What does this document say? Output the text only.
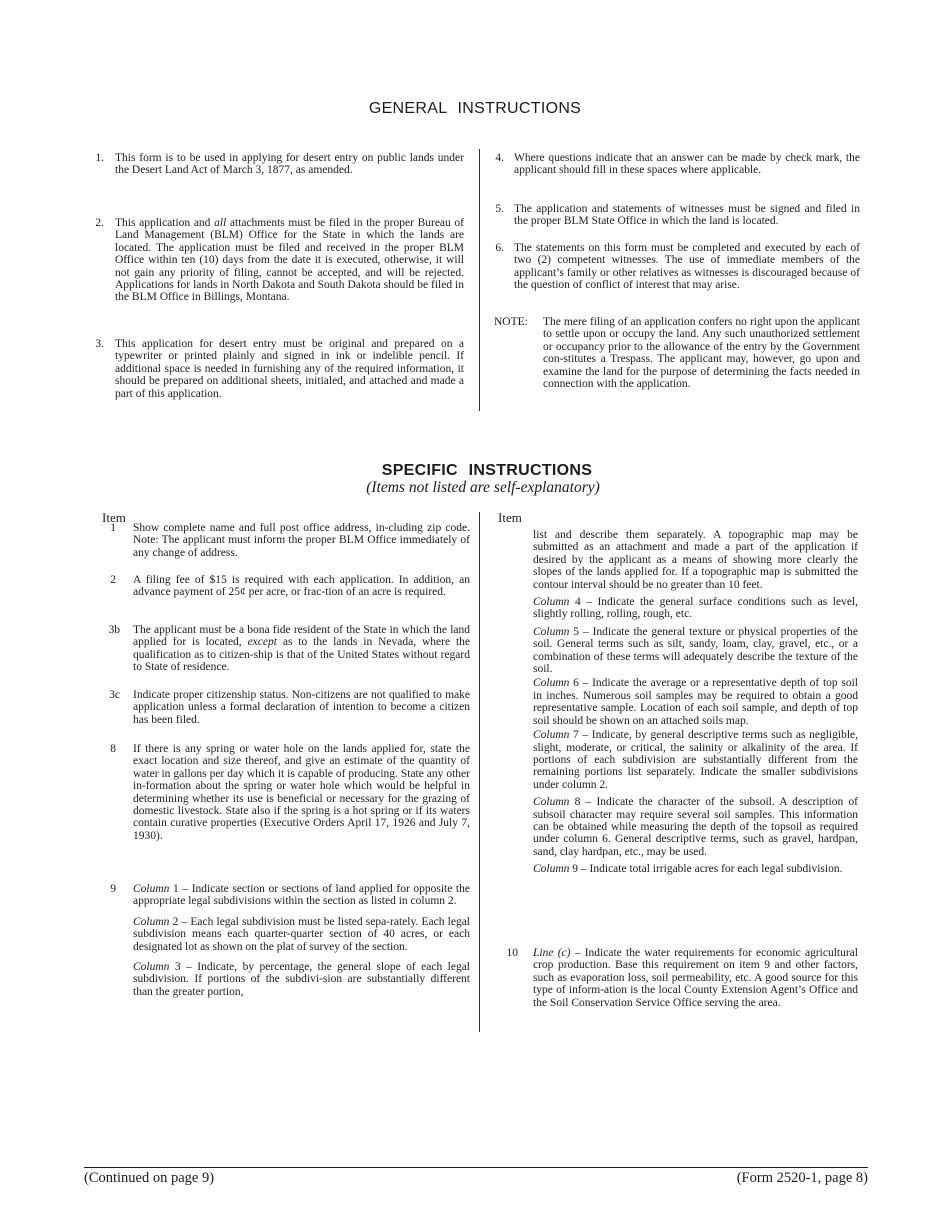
GENERAL INSTRUCTIONS
1. This form is to be used in applying for desert entry on public lands under the Desert Land Act of March 3, 1877, as amended.

2. This application and all attachments must be filed in the proper Bureau of Land Management (BLM) Office for the State in which the lands are located. The application must be filed and received in the proper BLM Office within ten (10) days from the date it is executed, otherwise, it will not gain any priority of filing, cannot be accepted, and will be rejected. Applications for lands in North Dakota and South Dakota should be filed in the BLM Office in Billings, Montana.

3. This application for desert entry must be original and prepared on a typewriter or printed plainly and signed in ink or indelible pencil. If additional space is needed in furnishing any of the required information, it should be prepared on additional sheets, initialed, and attached and made a part of this application.

4. Where questions indicate that an answer can be made by check mark, the applicant should fill in these spaces where applicable.

5. The application and statements of witnesses must be signed and filed in the proper BLM State Office in which the land is located.

6. The statements on this form must be completed and executed by each of two (2) competent witnesses. The use of immediate members of the applicant’s family or other relatives as witnesses is discouraged because of the question of conflict of interest that may arise.

NOTE:	The mere filing of an application confers no right upon the applicant to settle upon or occupy the land. Any such unauthorized settlement or occupancy prior to the allowance of the entry by the Government con-stitutes a Trespass. The applicant may, however, go upon and examine the land for the purpose of determining the facts needed in connection with the application.

SPECIFIC INSTRUCTIONS
(Items not listed are self-explanatory)
Item	Item
1 Show complete name and full post office address, in-cluding zip code. Note: The applicant must inform the proper BLM Office immediately of any change of address.

2 A filing fee of $15 is required with each application. In addition, an advance payment of 25¢ per acre, or frac-tion of an acre is required.

3b The applicant must be a bona fide resident of the State in which the land applied for is located, except as to the lands in Nevada, where the qualification as to citizen-ship is that of the United States without regard to State of residence.

3c Indicate proper citizenship status. Non-citizens are not qualified to make application unless a formal declaration of intention to become a citizen has been filed.

8 If there is any spring or water hole on the lands applied for, state the exact location and size thereof, and give an estimate of the quantity of water in gallons per day which it is capable of producing. State any other in-formation about the spring or water hole which would be helpful in determining whether its use is beneficial or necessary for the grazing of domestic livestock. State also if the spring is a hot spring or if its waters contain curative properties (Executive Orders April 17, 1926 and July 7, 1930).

9 Column 1 – Indicate section or sections of land applied for opposite the appropriate legal subdivisions within the section as listed in column 2.

Column 2 – Each legal subdivision must be listed sepa-rately. Each legal subdivision means each quarter-quarter section of 40 acres, or each designated lot as shown on the plat of survey of the section.

Column 3 – Indicate, by percentage, the general slope of each legal subdivision. If portions of the subdivi-sion are substantially different than the greater portion,

list and describe them separately. A topographic map may be submitted as an attachment and made a part of the application if desired by the applicant as a means of showing more clearly the slopes of the lands applied for. If a topographic map is submitted the contour interval should be no greater than 10 feet.

Column 4 – Indicate the general surface conditions such as level, slightly rolling, rolling, rough, etc.

Column 5 – Indicate the general texture or physical properties of the soil. General terms such as silt, sandy, loam, clay, gravel, etc., or a combination of these terms will adequately describe the texture of the soil.

Column 6 – Indicate the average or a representative depth of top soil in inches. Numerous soil samples may be required to obtain a good representative sample. Location of each soil sample, and depth of top soil should be shown on an attached soils map.

Column 7 – Indicate, by general descriptive terms such as negligible, slight, moderate, or critical, the salinity or alkalinity of the area. If portions of each subdivision are substantially different from the remaining portions list separately. Indicate the smaller subdivisions under column 2.

Column 8 – Indicate the character of the subsoil. A description of subsoil character may require several soil samples. This information can be obtained while measuring the depth of the topsoil as required under column 6. General descriptive terms, such as gravel, hardpan, sand, clay hardpan, etc., may be used.

Column 9 – Indicate total irrigable acres for each legal subdivision.

10 Line (c) – Indicate the water requirements for economic agricultural crop production. Base this requirement on item 9 and other factors, such as evaporation loss, soil permeability, etc. A good source for this type of inform-ation is the local County Extension Agent’s Office and the Soil Conservation Service Office serving the area.

(Continued on page 9)	(Form 2520-1, page 8)
